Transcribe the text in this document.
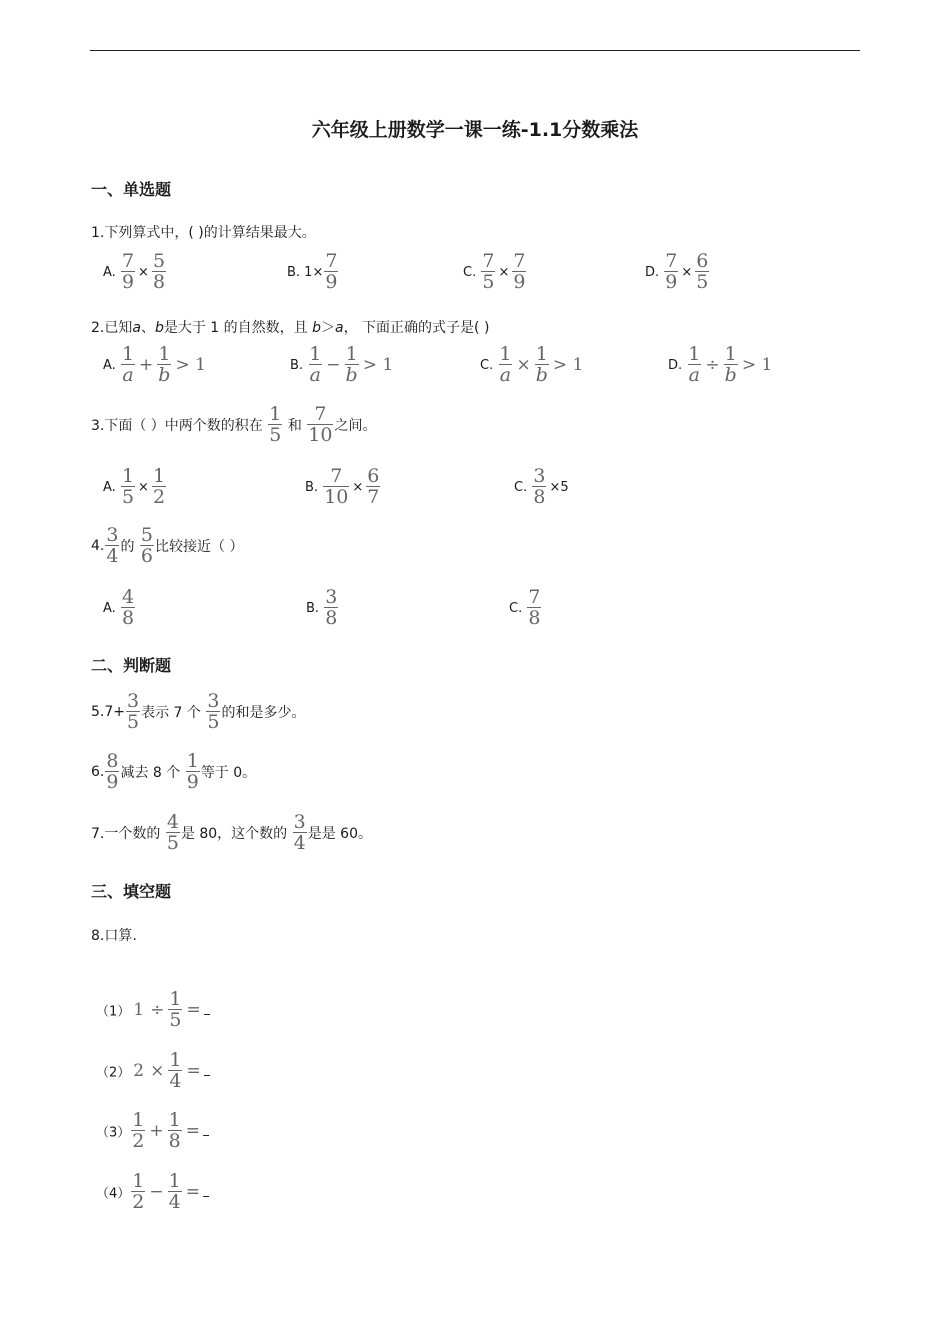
六年级上册数学一课一练-1.1分数乘法
一、单选题
1.下列算式中，( )的计算结果最大。
A. $\frac{7}{9} \times \frac{5}{8}$	B. $1\times \frac{7}{9}$	C. $\frac{7}{5} \times \frac{7}{9}$	D. $\frac{7}{9} \times \frac{6}{5}$
2.已知a、b是大于 1 的自然数，且 b＞a， 下面正确的式子是( )
A. $\frac{1}{a} + \frac{1}{b} > 1$	B. $\frac{1}{a} - \frac{1}{b} > 1$	C. $\frac{1}{a} \times \frac{1}{b} > 1$	D. $\frac{1}{a} \div \frac{1}{b} > 1$
3.下面（ ）中两个数的积在 $\frac{1}{5}$ 和 $\frac{7}{10}$ 之间。
A. $\frac{1}{5} \times \frac{1}{2}$	B. $\frac{7}{10} \times \frac{6}{7}$	C. $\frac{3}{8} \times 5$
4. $\frac{3}{4}$ 的 $\frac{5}{6}$ 比较接近（ ）
A. $\frac{4}{8}$	B. $\frac{3}{8}$	C. $\frac{7}{8}$
二、判断题
$5.7+ \frac{3}{5}$ 表示 7 个 $\frac{3}{5}$ 的和是多少。
6. $\frac{8}{9}$ 减去 8 个 $\frac{1}{9}$ 等于 0。
7.一个数的 $\frac{4}{5}$ 是 80，这个数的 $\frac{3}{4}$ 是是 60。
三、填空题
8.口算.
（1） $1 \div \frac{1}{5}$ =
（2） $2 \times \frac{1}{4}$ =
$(3) \frac{1}{2} + \frac{1}{8}$ =
$(4) \frac{1}{2} - \frac{1}{4}$ =
